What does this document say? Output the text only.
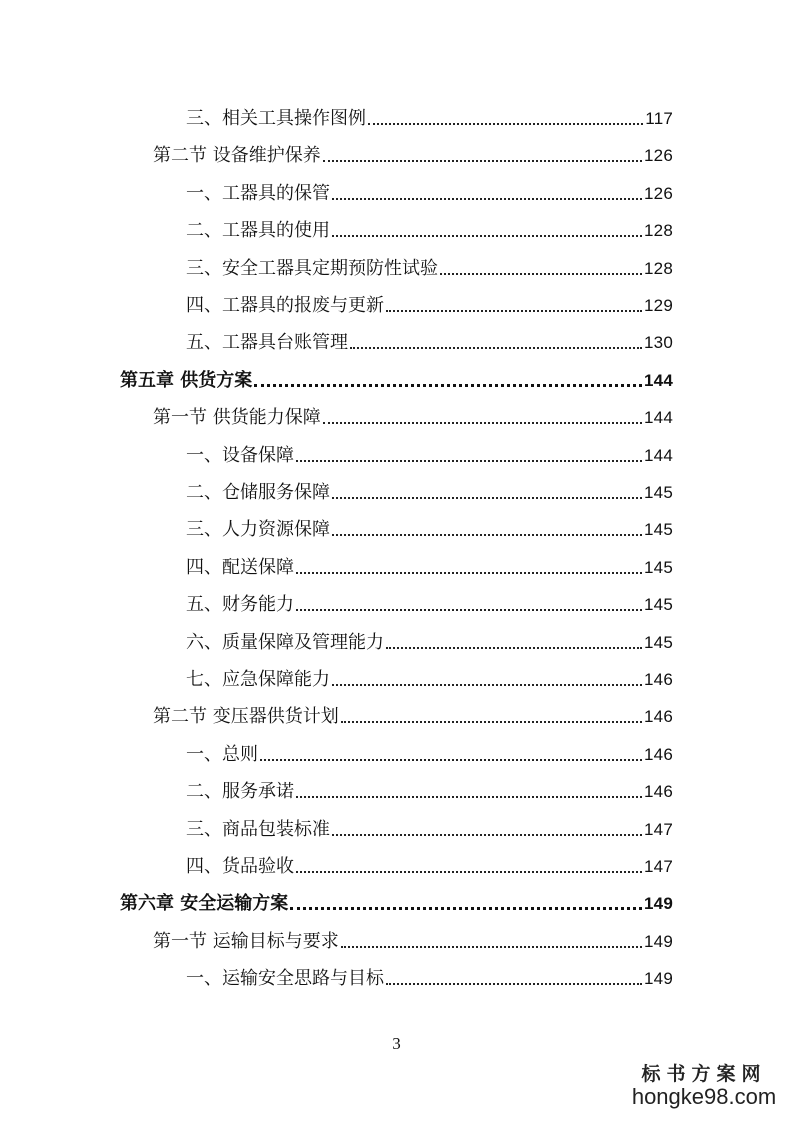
三、相关工具操作图例	117
第二节 设备维护保养	126
一、工器具的保管	126
二、工器具的使用	128
三、安全工器具定期预防性试验	128
四、工器具的报废与更新	129
五、工器具台账管理	130
第五章 供货方案	144
第一节 供货能力保障	144
一、设备保障	144
二、仓储服务保障	145
三、人力资源保障	145
四、配送保障	145
五、财务能力	145
六、质量保障及管理能力	145
七、应急保障能力	146
第二节 变压器供货计划	146
一、总则	146
二、服务承诺	146
三、商品包装标准	147
四、货品验收	147
第六章 安全运输方案	149
第一节 运输目标与要求	149
一、运输安全思路与目标	149
3
标书方案网
hongke98.com
